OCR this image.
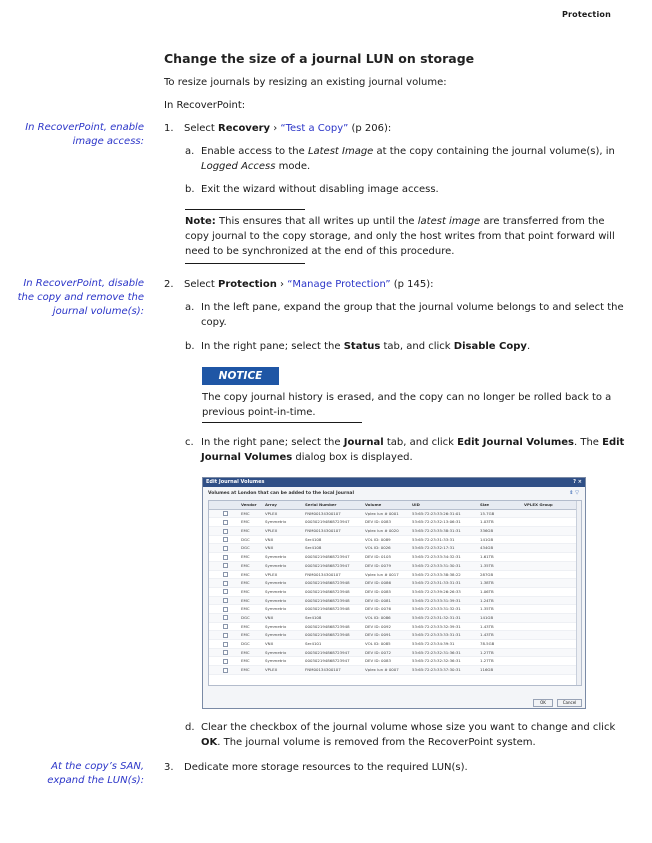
Protection
Change the size of a journal LUN on storage
To resize journals by resizing an existing journal volume:
In RecoverPoint:
In RecoverPoint, enable image access:
In RecoverPoint, disable the copy and remove the journal volume(s):
At the copy’s SAN, expand the LUN(s):
1. Select Recovery › “Test a Copy” (p 206):
a. Enable access to the Latest Image at the copy containing the journal volume(s), in Logged Access mode.
b. Exit the wizard without disabling image access.
Note: This ensures that all writes up until the latest image are transferred from the copy journal to the copy storage, and only the host writes from that point forward will need to be synchronized at the end of this procedure.
2. Select Protection › “Manage Protection” (p 145):
a. In the left pane, expand the group that the journal volume belongs to and select the copy.
b. In the right pane; select the Status tab, and click Disable Copy.
NOTICE
The copy journal history is erased, and the copy can no longer be rolled back to a previous point-in-time.
c. In the right pane; select the Journal tab, and click Edit Journal Volumes. The Edit Journal Volumes dialog box is displayed.
Edit Journal Volumes	? ×
Volumes at London that can be added to the local Journal	⇕ ▽
Vendor	Array	Serial Number	Volume	UID	Size	VPLEX Group
EMC	VPLEX	FNM00134300107	Vplex lun # 0001	53:65:72:23:33:26:31:01	15.7GB
EMC	Symmetrix	000302194868723947	DEV ID: 0083	53:65:72:23:32:13:06:31	1.03TB
EMC	VPLEX	FNM00134300107	Vplex lun # 0020	53:65:72:23:35:38:31:31	336GB
DGC	VNX	Ser4108	VOL ID: 0089	53:65:72:23:31:33:31	141GB
DGC	VNX	Ser4108	VOL ID: 0026	53:65:72:23:32:17:31	434GB
EMC	Symmetrix	000302194868723947	DEV ID: 0105	53:65:72:23:33:34:32:31	1.61TB
EMC	Symmetrix	000302194868723947	DEV ID: 0079	53:65:72:23:33:31:30:31	1.35TB
EMC	VPLEX	FNM00134300107	Vplex lun # 0017	53:65:72:23:33:38:38:22	287GB
EMC	Symmetrix	000302194868723948	DEV ID: 0086	53:65:72:23:31:33:31:31	1.38TB
EMC	Symmetrix	000302194868723948	DEV ID: 0085	53:65:72:23:39:26:26:33	1.06TB
EMC	Symmetrix	000302194868723948	DEV ID: 0081	53:65:72:23:33:31:39:31	1.24TB
EMC	Symmetrix	000302194868723948	DEV ID: 0076	53:65:72:23:33:31:32:31	1.35TB
DGC	VNX	Ser4108	VOL ID: 0086	53:65:72:23:31:32:31:31	141GB
EMC	Symmetrix	000302194868723948	DEV ID: 0092	53:65:72:23:33:32:39:31	1.43TB
EMC	Symmetrix	000302194868723948	DEV ID: 0091	53:65:72:23:33:33:31:31	1.43TB
DGC	VNX	Ser4101	VOL ID: 0085	53:65:72:23:34:39:31	78.5GB
EMC	Symmetrix	000302194868723947	DEV ID: 0072	53:65:72:23:32:31:36:31	1.27TB
EMC	Symmetrix	000302194868723947	DEV ID: 0083	53:65:72:23:32:32:36:31	1.27TB
EMC	VPLEX	FNM00134300107	Vplex lun # 0007	53:65:72:23:33:37:30:31	116GB
OK	Cancel
d. Clear the checkbox of the journal volume whose size you want to change and click OK. The journal volume is removed from the RecoverPoint system.
3. Dedicate more storage resources to the required LUN(s).
